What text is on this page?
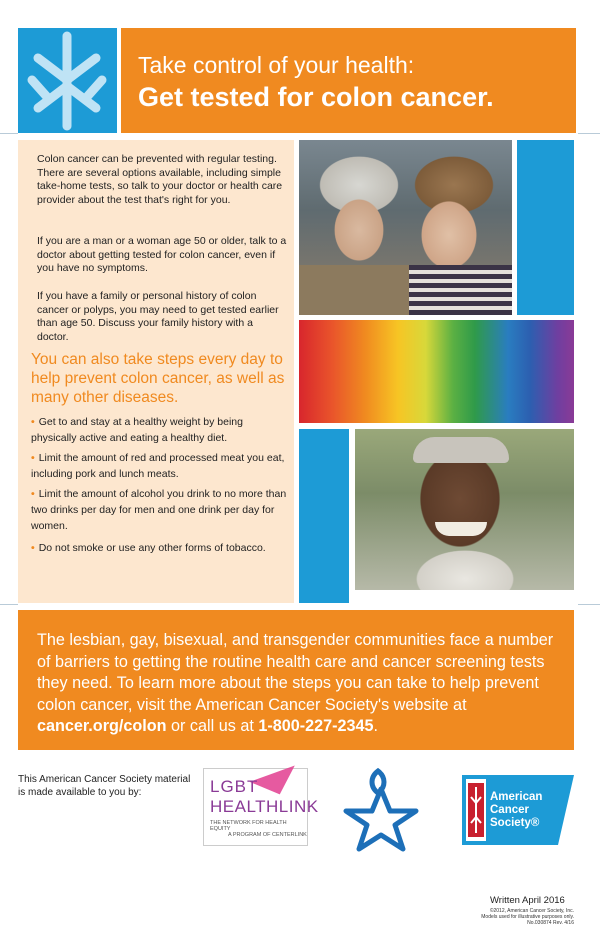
Take control of your health:
Get tested for colon cancer.
Colon cancer can be prevented with regular testing. There are several options available, including simple take-home tests, so talk to your doctor or health care provider about the test that's right for you.
If you are a man or a woman age 50 or older, talk to a doctor about getting tested for colon cancer, even if you have no symptoms.
If you have a family or personal history of colon cancer or polyps, you may need to get tested earlier than age 50. Discuss your family history with a doctor.
You can also take steps every day to help prevent colon cancer, as well as many other diseases.
• Get to and stay at a healthy weight by being physically active and eating a healthy diet.
• Limit the amount of red and processed meat you eat, including pork and lunch meats.
• Limit the amount of alcohol you drink to no more than two drinks per day for men and one drink per day for women.
• Do not smoke or use any other forms of tobacco.
The lesbian, gay, bisexual, and transgender communities face a number of barriers to getting the routine health care and cancer screening tests they need. To learn more about the steps you can take to help prevent colon cancer, visit the American Cancer Society's website at cancer.org/colon or call us at 1-800-227-2345.
This American Cancer Society material is made available to you by:	LGBT
HEALTHLINK
THE NETWORK FOR HEALTH EQUITY
A PROGRAM OF CENTERLINK
American
Cancer
Society®
Written April 2016
©2012, American Cancer Society, Inc.
Models used for illustrative purposes only. No.030874 Rev. 4/16
